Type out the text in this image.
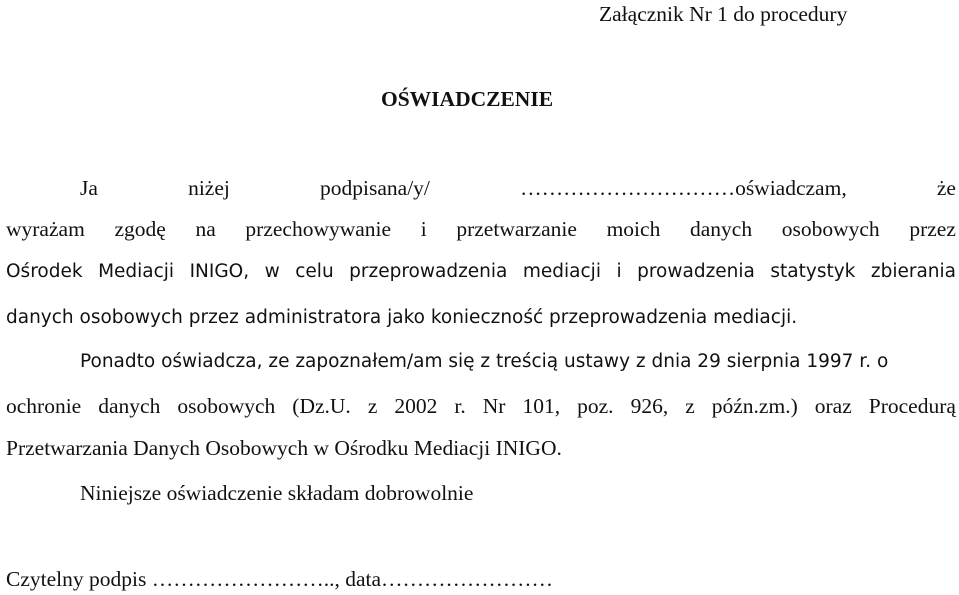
Załącznik Nr 1 do procedury
OŚWIADCZENIE
Ja	niżej	podpisana/y/	…………………………oświadczam,	że
wyrażam zgodę na przechowywanie i przetwarzanie moich danych osobowych przez
Ośrodek Mediacji INIGO, w celu przeprowadzenia mediacji i prowadzenia statystyk zbierania
danych osobowych przez administratora jako konieczność przeprowadzenia mediacji.
Ponadto oświadcza, ze zapoznałem/am się z treścią ustawy z dnia 29 sierpnia 1997 r. o
ochronie danych osobowych (Dz.U. z 2002 r. Nr 101, poz. 926, z późn.zm.) oraz Procedurą
Przetwarzania Danych Osobowych w Ośrodku Mediacji INIGO.
Niniejsze oświadczenie składam dobrowolnie
Czytelny podpis …………………….., data……………………
